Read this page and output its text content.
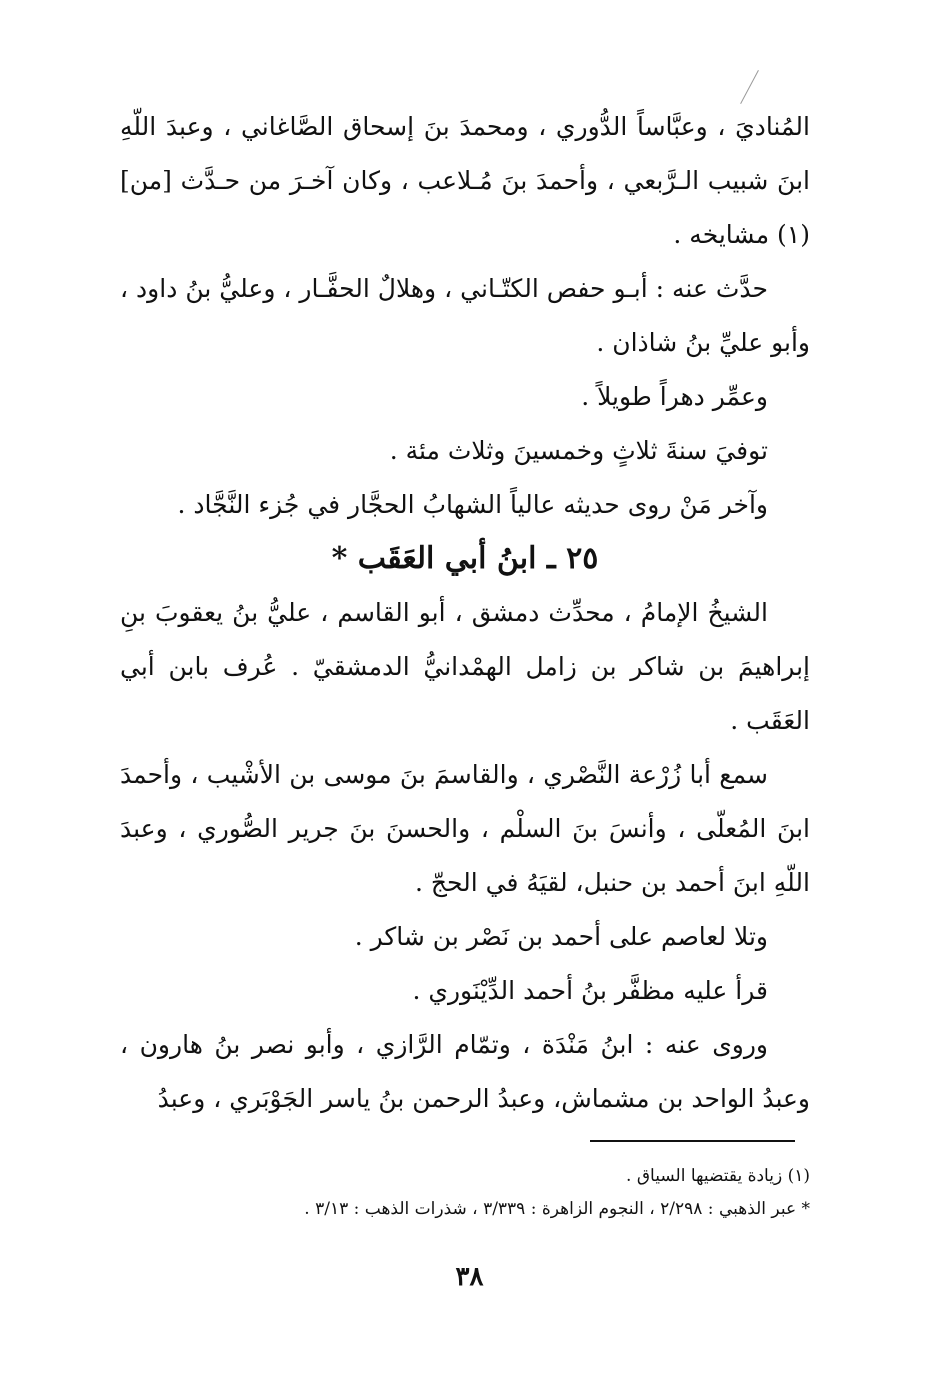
المُناديَ ، وعبَّاساً الدُّوري ، ومحمدَ بنَ إسحاق الصَّاغاني ، وعبدَ اللّهِ ابنَ شبيب الـرَّبعي ، وأحمدَ بنَ مُـلاعب ، وكان آخـرَ من حـدَّث [من](١) مشايخه .

حدَّث عنه : أبـو حفص الكتّـاني ، وهلالٌ الحفَّـار ، وعليُّ بنُ داود ، وأبو عليِّ بنُ شاذان .

وعمِّر دهراً طويلاً .

توفيَ سنةَ ثلاثٍ وخمسينَ وثلاث مئة .

وآخر مَنْ روى حديثه عالياً الشهابُ الحجَّار في جُزء النَّجَّاد .

٢٥ ـ ابنُ أبي العَقَب *

الشيخُ الإمامُ ، محدِّث دمشق ، أبو القاسم ، عليُّ بنُ يعقوبَ بنِ إبراهيمَ بن شاكر بن زامل الهمْدانيُّ الدمشقيّ . عُرف بابن أبي العَقَب .

سمع أبا زُرْعة النَّصْري ، والقاسمَ بنَ موسى بن الأشْيب ، وأحمدَ ابنَ المُعلّى ، وأنسَ بنَ السلْم ، والحسنَ بنَ جرير الصُّوري ، وعبدَ اللّهِ ابنَ أحمد بن حنبل، لقيَهُ في الحجّ .

وتلا لعاصم على أحمد بن نَصْر بن شاكر .

قرأ عليه مظفَّر بنُ أحمد الدِّيْنَوري .

وروى عنه : ابنُ مَنْدَة ، وتمّام الرَّازي ، وأبو نصر بنُ هارون ، وعبدُ الواحد بن مشماش، وعبدُ الرحمن بنُ ياسر الجَوْبَري ، وعبدُ

(١) زيادة يقتضيها السياق .

* عبر الذهبي : ٢/٢٩٨ ، النجوم الزاهرة : ٣/٣٣٩ ، شذرات الذهب : ٣/١٣ .

٣٨
